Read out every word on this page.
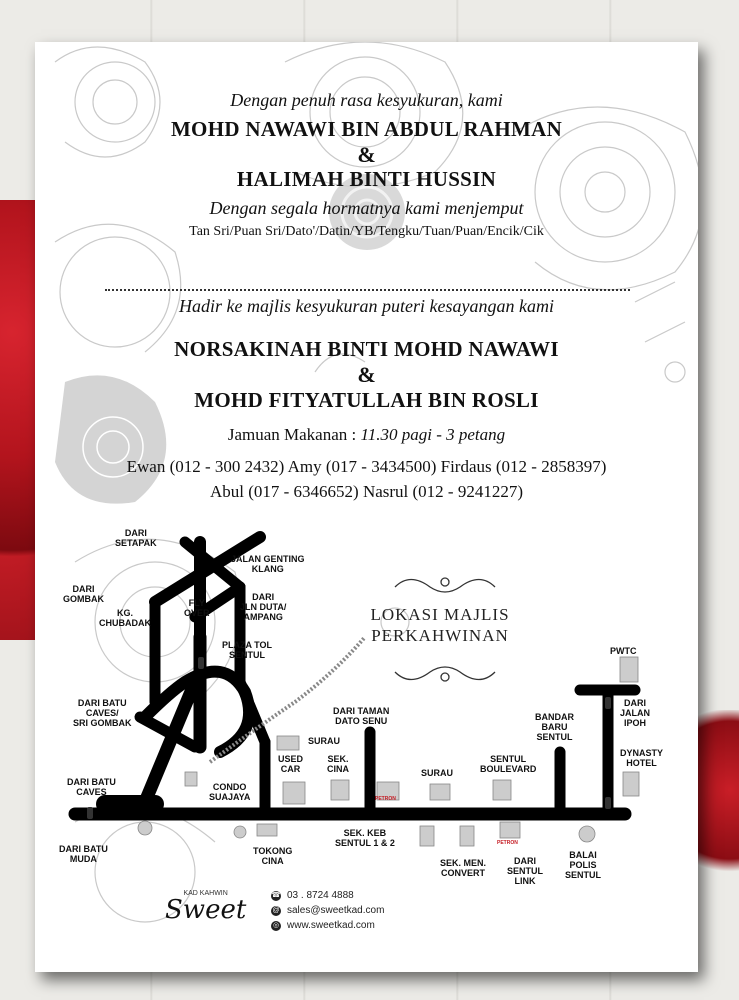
Dengan penuh rasa kesyukuran, kami

MOHD NAWAWI BIN ABDUL RAHMAN

&

HALIMAH BINTI HUSSIN

Dengan segala hormatnya kami menjemput

Tan Sri/Puan Sri/Dato'/Datin/YB/Tengku/Tuan/Puan/Encik/Cik

Hadir ke majlis kesyukuran puteri kesayangan kami

NORSAKINAH BINTI MOHD NAWAWI

&

MOHD FITYATULLAH BIN ROSLI

Jamuan Makanan : 11.30 pagi - 3 petang

Ewan (012 - 300 2432) Amy (017 - 3434500) Firdaus (012 - 2858397)

Abul (017 - 6346652) Nasrul (012 - 9241227)

LOKASI MAJLIS
PERKAHWINAN
DARI
SETAPAK
JALAN GENTING
KLANG
DARI
GOMBAK
KG.
CHUBADAK
FLY
OVER
DARI
JLN DUTA/
AMPANG
PLAZA TOL
SENTUL
DARI BATU
CAVES/
SRI GOMBAK
SURAU
USED
CAR
DARI TAMAN
DATO SENU
SEK.
CINA	SURAU
SENTUL
BOULEVARD
BANDAR
BARU
SENTUL
PWTC
DARI
JALAN
IPOH
DYNASTY
HOTEL
DARI BATU
CAVES	CONDO
SUAJAYA
DARI BATU
MUDA
TOKONG
CINA
SEK. KEB
SENTUL 1 & 2
SEK. MEN.
CONVERT
DARI
SENTUL
LINK
BALAI
POLIS
SENTUL
PETRON
PETRON
KAD KAHWIN
Sweet	☎ 03 . 8724 4888
@ sales@sweetkad.com
◎ www.sweetkad.com
